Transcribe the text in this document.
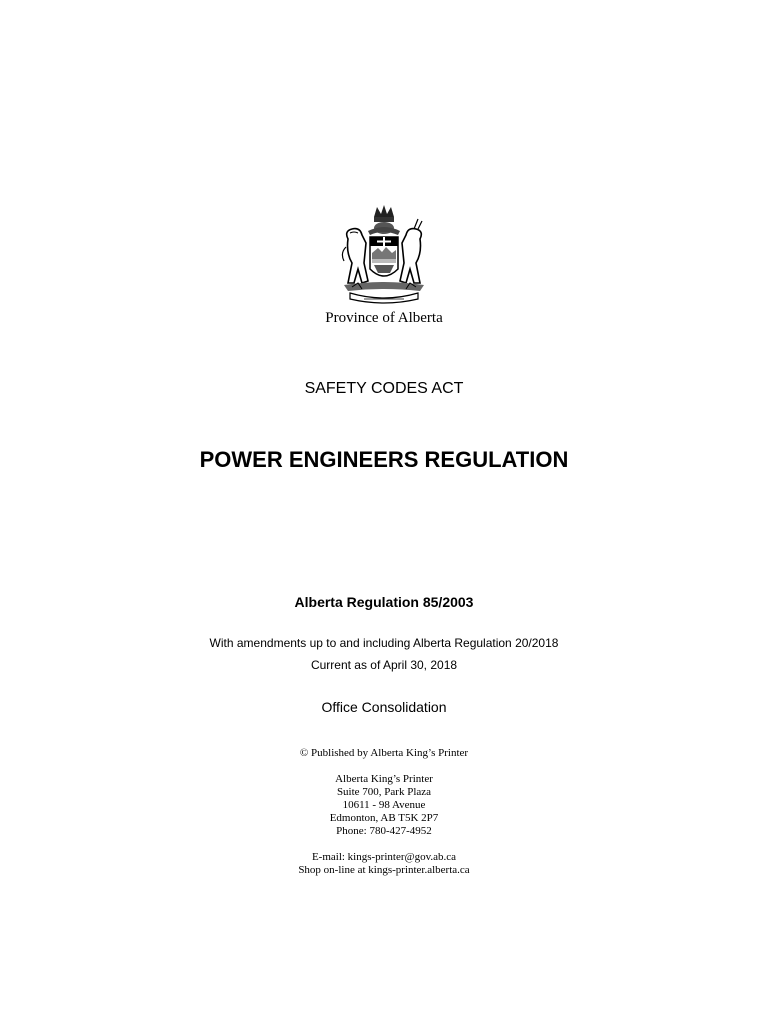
Province of Alberta
SAFETY CODES ACT
POWER ENGINEERS REGULATION
Alberta Regulation 85/2003
With amendments up to and including Alberta Regulation 20/2018
Current as of April 30, 2018
Office Consolidation
© Published by Alberta King’s Printer
Alberta King’s Printer
Suite 700, Park Plaza
10611 - 98 Avenue
Edmonton, AB T5K 2P7
Phone: 780-427-4952
E-mail: kings-printer@gov.ab.ca
Shop on-line at kings-printer.alberta.ca
